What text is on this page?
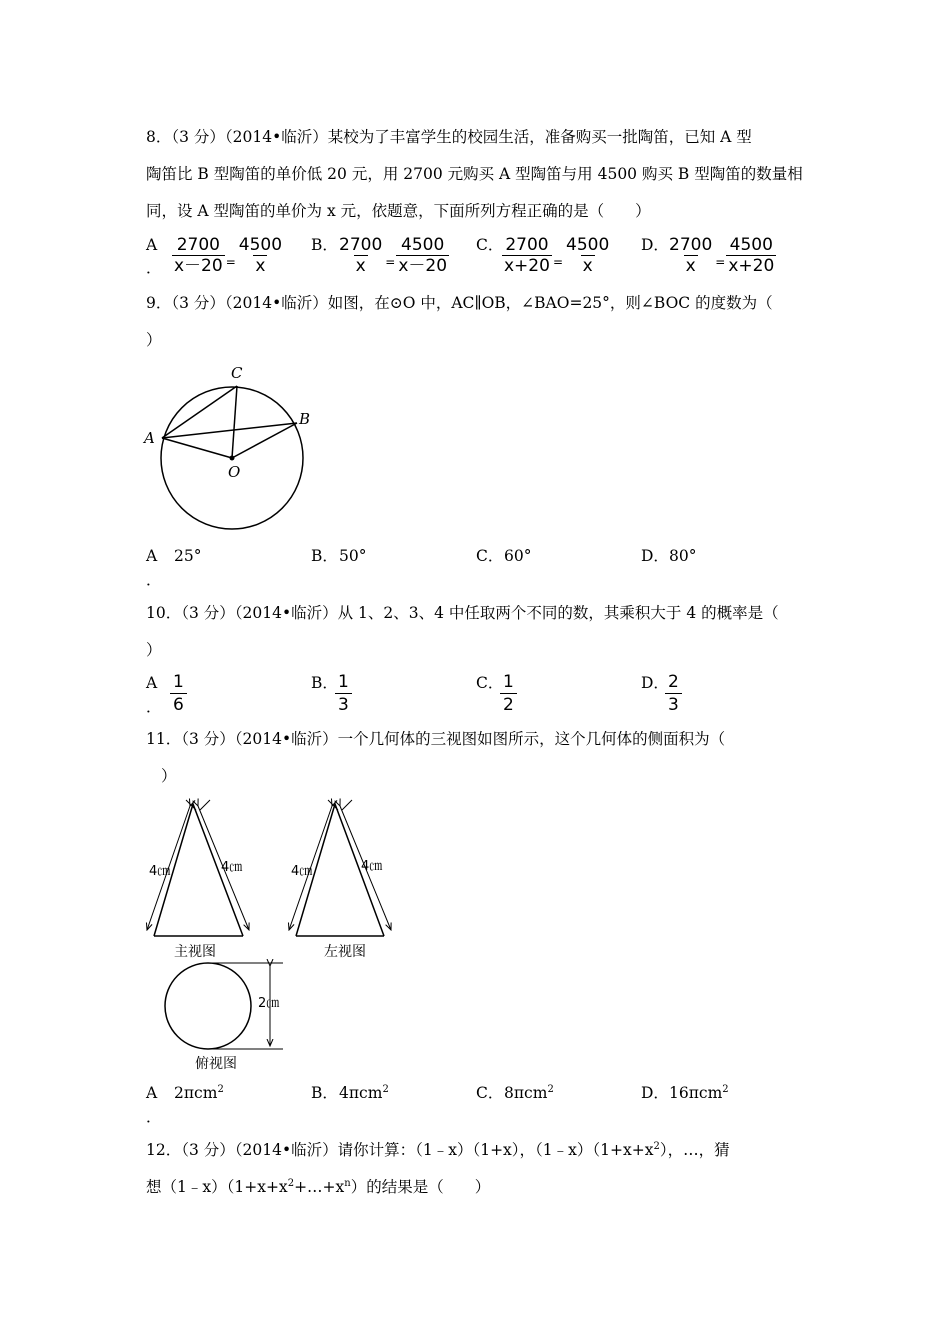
8．（3 分）（2014•临沂）某校为了丰富学生的校园生活，准备购买一批陶笛，已知 A 型
陶笛比 B 型陶笛的单价低 20 元，用 2700 元购买 A 型陶笛与用 4500 购买 B 型陶笛的数量相
同，设 A 型陶笛的单价为 x 元，依题意，下面所列方程正确的是（　　）
A
． $\frac{2700}{x-20} = \frac{4500}{x}$ B． $\frac{2700}{x} = \frac{4500}{x-20}$ C．
$\frac{2700}{x+20} = \frac{4500}{x}$ D．
$\frac{2700}{x} = \frac{4500}{x+20}$
9．（3 分）（2014•临沂）如图，在⊙O 中，AC∥OB，∠BAO=25°，则∠BOC 的度数为（
）
C
B
A
O
A
．
25°	B． 50°	C． 60°	D． 80°
10．（3 分）（2014•临沂）从 1、2、3、4 中任取两个不同的数，其乘积大于 4 的概率是（
）
A
． $\frac{1}{6}$	B．
$\frac{1}{3}$	C．
$\frac{1}{2}$	D．
$\frac{2}{3}$
11．（3 分）（2014•临沂）一个几何体的三视图如图所示，这个几何体的侧面积为（
）
4㎝	4㎝
主视图
4㎝	4㎝
左视图
2㎝
俯视图
A
．
2πcm$^2$	B． 4πcm$^2$	C． 8πcm$^2$	D． 16πcm$^2$
12．（3 分）（2014•临沂）请你计算：（1﹣x）（1+x），$(1﹣x)(1+x+x^2)$，…，猜
想$(1﹣x)(1+x+x^2+\dots+x^n)$的结果是（　　）
